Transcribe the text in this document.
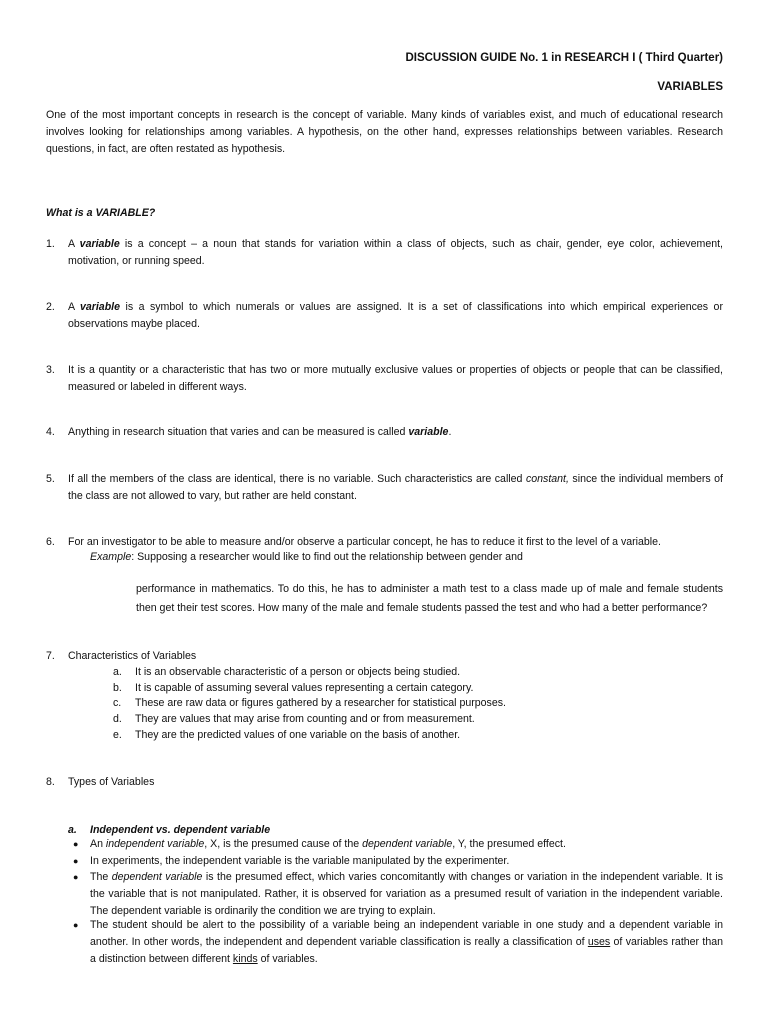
DISCUSSION GUIDE No. 1 in RESEARCH I ( Third Quarter)
VARIABLES
One of the most important concepts in research is the concept of variable. Many kinds of variables exist, and much of educational research involves looking for relationships among variables. A hypothesis, on the other hand, expresses relationships between variables. Research questions, in fact, are often restated as hypothesis.
What is a VARIABLE?
1.	A variable is a concept – a noun that stands for variation within a class of objects, such as chair, gender, eye color, achievement, motivation, or running speed.
2.	A variable is a symbol to which numerals or values are assigned. It is a set of classifications into which empirical experiences or observations maybe placed.
3.	It is a quantity or a characteristic that has two or more mutually exclusive values or properties of objects or people that can be classified, measured or labeled in different ways.
4.	Anything in research situation that varies and can be measured is called variable.
5.	If all the members of the class are identical, there is no variable. Such characteristics are called constant, since the individual members of the class are not allowed to vary, but rather are held constant.
6.	For an investigator to be able to measure and/or observe a particular concept, he has to reduce it first to the level of a variable.
Example: Supposing a researcher would like to find out the relationship between gender and
performance in mathematics. To do this, he has to administer a math test to a class made up of male and female students then get their test scores. How many of the male and female students passed the test and who had a better performance?
7.	Characteristics of Variables
a. It is an observable characteristic of a person or objects being studied.
b. It is capable of assuming several values representing a certain category.
c. These are raw data or figures gathered by a researcher for statistical purposes.
d. They are values that may arise from counting and or from measurement.
e. They are the predicted values of one variable on the basis of another.
8.	Types of Variables
a. Independent vs. dependent variable
● An independent variable, X, is the presumed cause of the dependent variable, Y, the presumed effect.
● In experiments, the independent variable is the variable manipulated by the experimenter.
● The dependent variable is the presumed effect, which varies concomitantly with changes or variation in the independent variable. It is the variable that is not manipulated. Rather, it is observed for variation as a presumed result of variation in the independent variable. The dependent variable is ordinarily the condition we are trying to explain.
● The student should be alert to the possibility of a variable being an independent variable in one study and a dependent variable in another. In other words, the independent and dependent variable classification is really a classification of uses of variables rather than a distinction between different kinds of variables.
